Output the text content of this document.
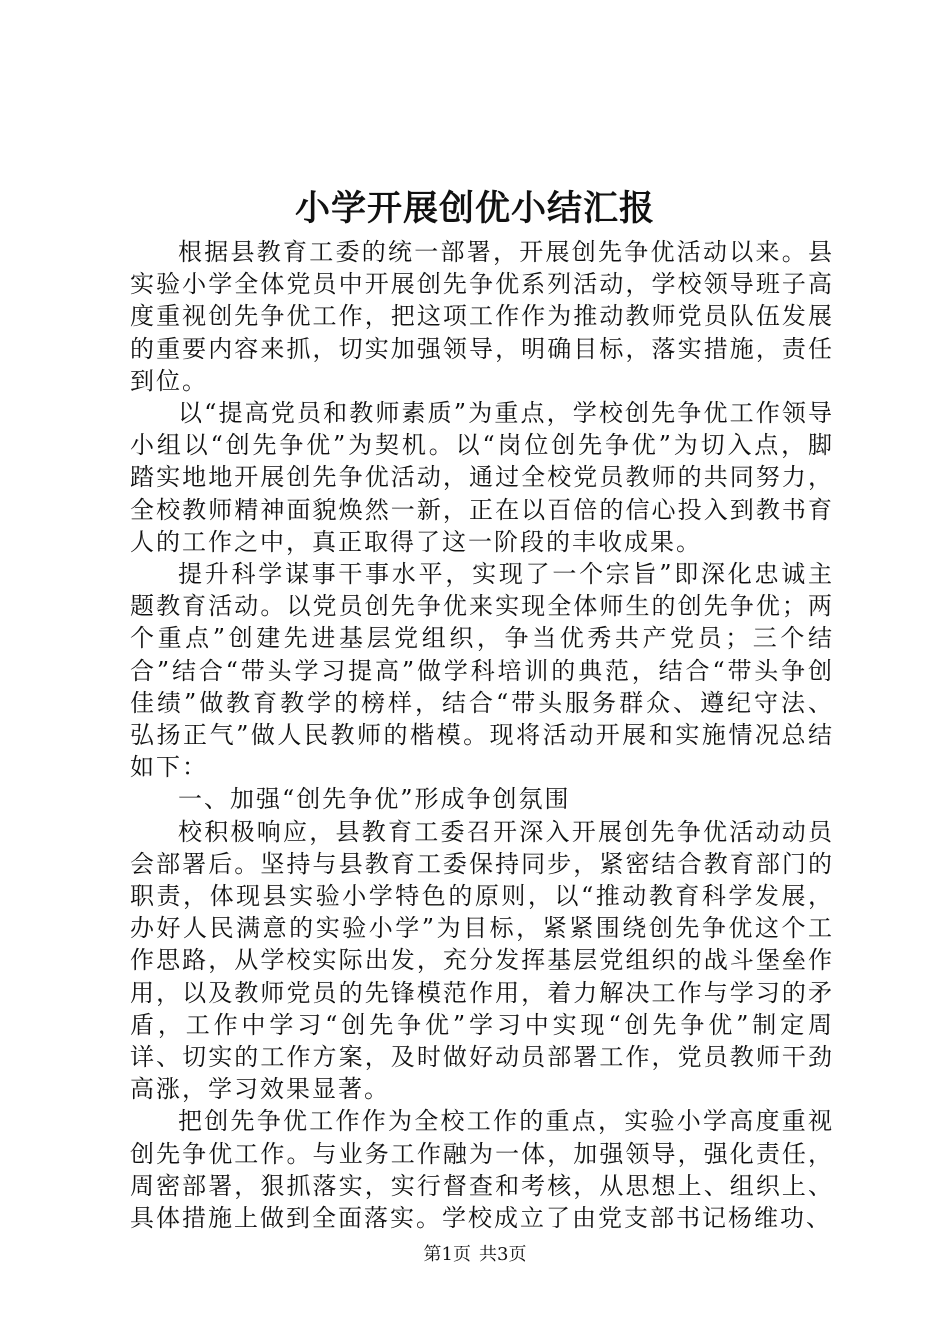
小学开展创优小结汇报

根据县教育工委的统一部署，开展创先争优活动以来。县实验小学全体党员中开展创先争优系列活动，学校领导班子高度重视创先争优工作，把这项工作作为推动教师党员队伍发展的重要内容来抓，切实加强领导，明确目标，落实措施，责任到位。

以“提高党员和教师素质”为重点，学校创先争优工作领导小组以“创先争优”为契机。以“岗位创先争优”为切入点，脚踏实地地开展创先争优活动，通过全校党员教师的共同努力，全校教师精神面貌焕然一新，正在以百倍的信心投入到教书育人的工作之中，真正取得了这一阶段的丰收成果。

提升科学谋事干事水平，实现了一个宗旨”即深化忠诚主题教育活动。以党员创先争优来实现全体师生的创先争优；两个重点”创建先进基层党组织，争当优秀共产党员；三个结合”结合“带头学习提高”做学科培训的典范，结合“带头争创佳绩”做教育教学的榜样，结合“带头服务群众、遵纪守法、弘扬正气”做人民教师的楷模。现将活动开展和实施情况总结如下：

一、加强“创先争优”形成争创氛围

校积极响应，县教育工委召开深入开展创先争优活动动员会部署后。坚持与县教育工委保持同步，紧密结合教育部门的职责，体现县实验小学特色的原则，以“推动教育科学发展，办好人民满意的实验小学”为目标，紧紧围绕创先争优这个工作思路，从学校实际出发，充分发挥基层党组织的战斗堡垒作用，以及教师党员的先锋模范作用，着力解决工作与学习的矛盾，工作中学习“创先争优”学习中实现“创先争优”制定周详、切实的工作方案，及时做好动员部署工作，党员教师干劲高涨，学习效果显著。

把创先争优工作作为全校工作的重点，实验小学高度重视创先争优工作。与业务工作融为一体，加强领导，强化责任，周密部署，狠抓落实，实行督查和考核，从思想上、组织上、具体措施上做到全面落实。学校成立了由党支部书记杨维功、

第1页 共3页
